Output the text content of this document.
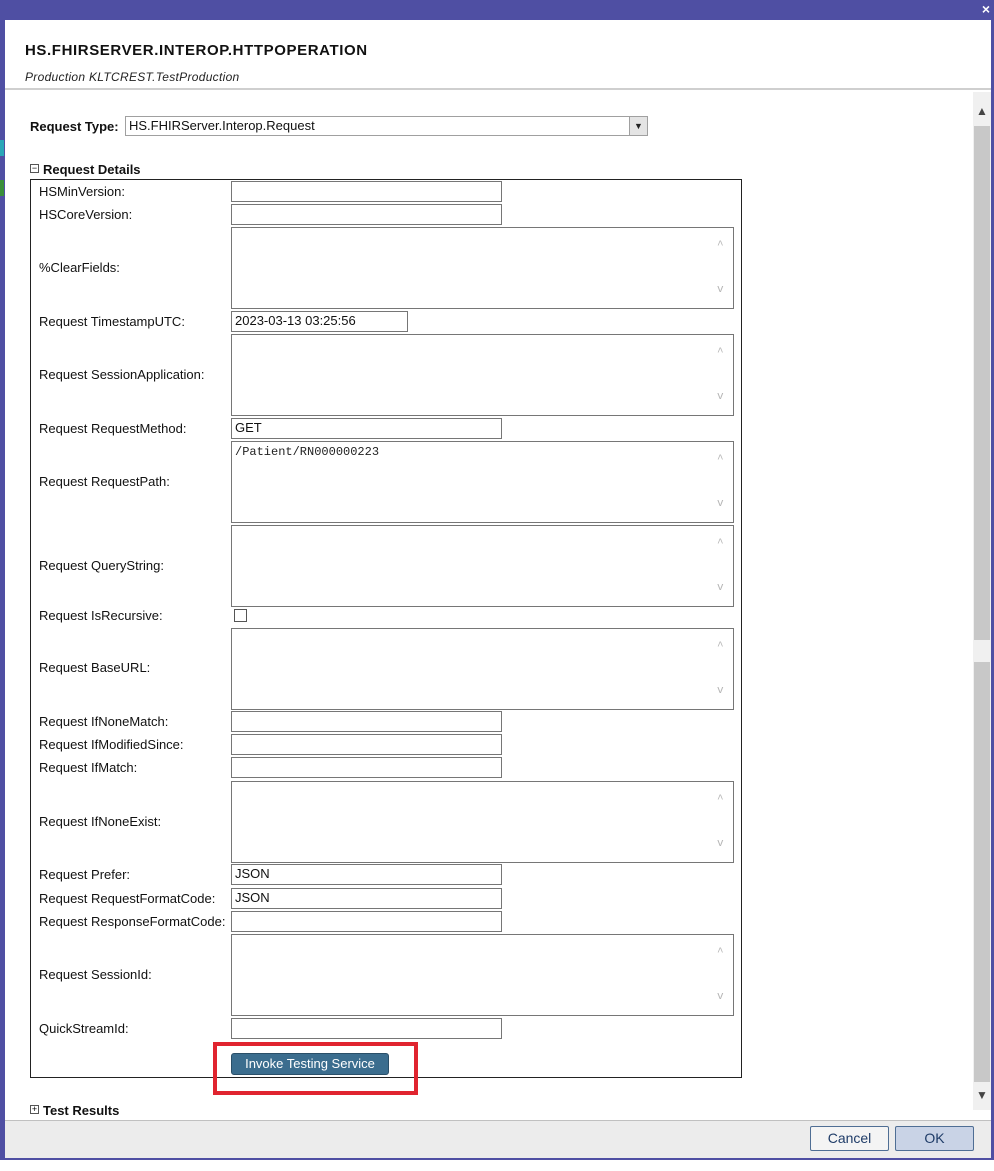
×
HS.FHIRSERVER.INTEROP.HTTPOPERATION
Production KLTCREST.TestProduction
Request Type: HS.FHIRServer.Interop.Request	▼
− Request Details
HSMinVersion:
HSCoreVersion:
%ClearFields:
^
v
Request TimestampUTC:	2023-03-13 03:25:56
Request SessionApplication:
^
v
Request RequestMethod:	GET
Request RequestPath:
/Patient/RN000000223
^
v
Request QueryString:
^
v
Request IsRecursive:
Request BaseURL:
^
v
Request IfNoneMatch:
Request IfModifiedSince:
Request IfMatch:
Request IfNoneExist:
^
v
Request Prefer:	JSON
Request RequestFormatCode:	JSON
Request ResponseFormatCode:
Request SessionId:
^
v
QuickStreamId:
Invoke Testing Service
+ Test Results
▲
▼
Cancel	OK
